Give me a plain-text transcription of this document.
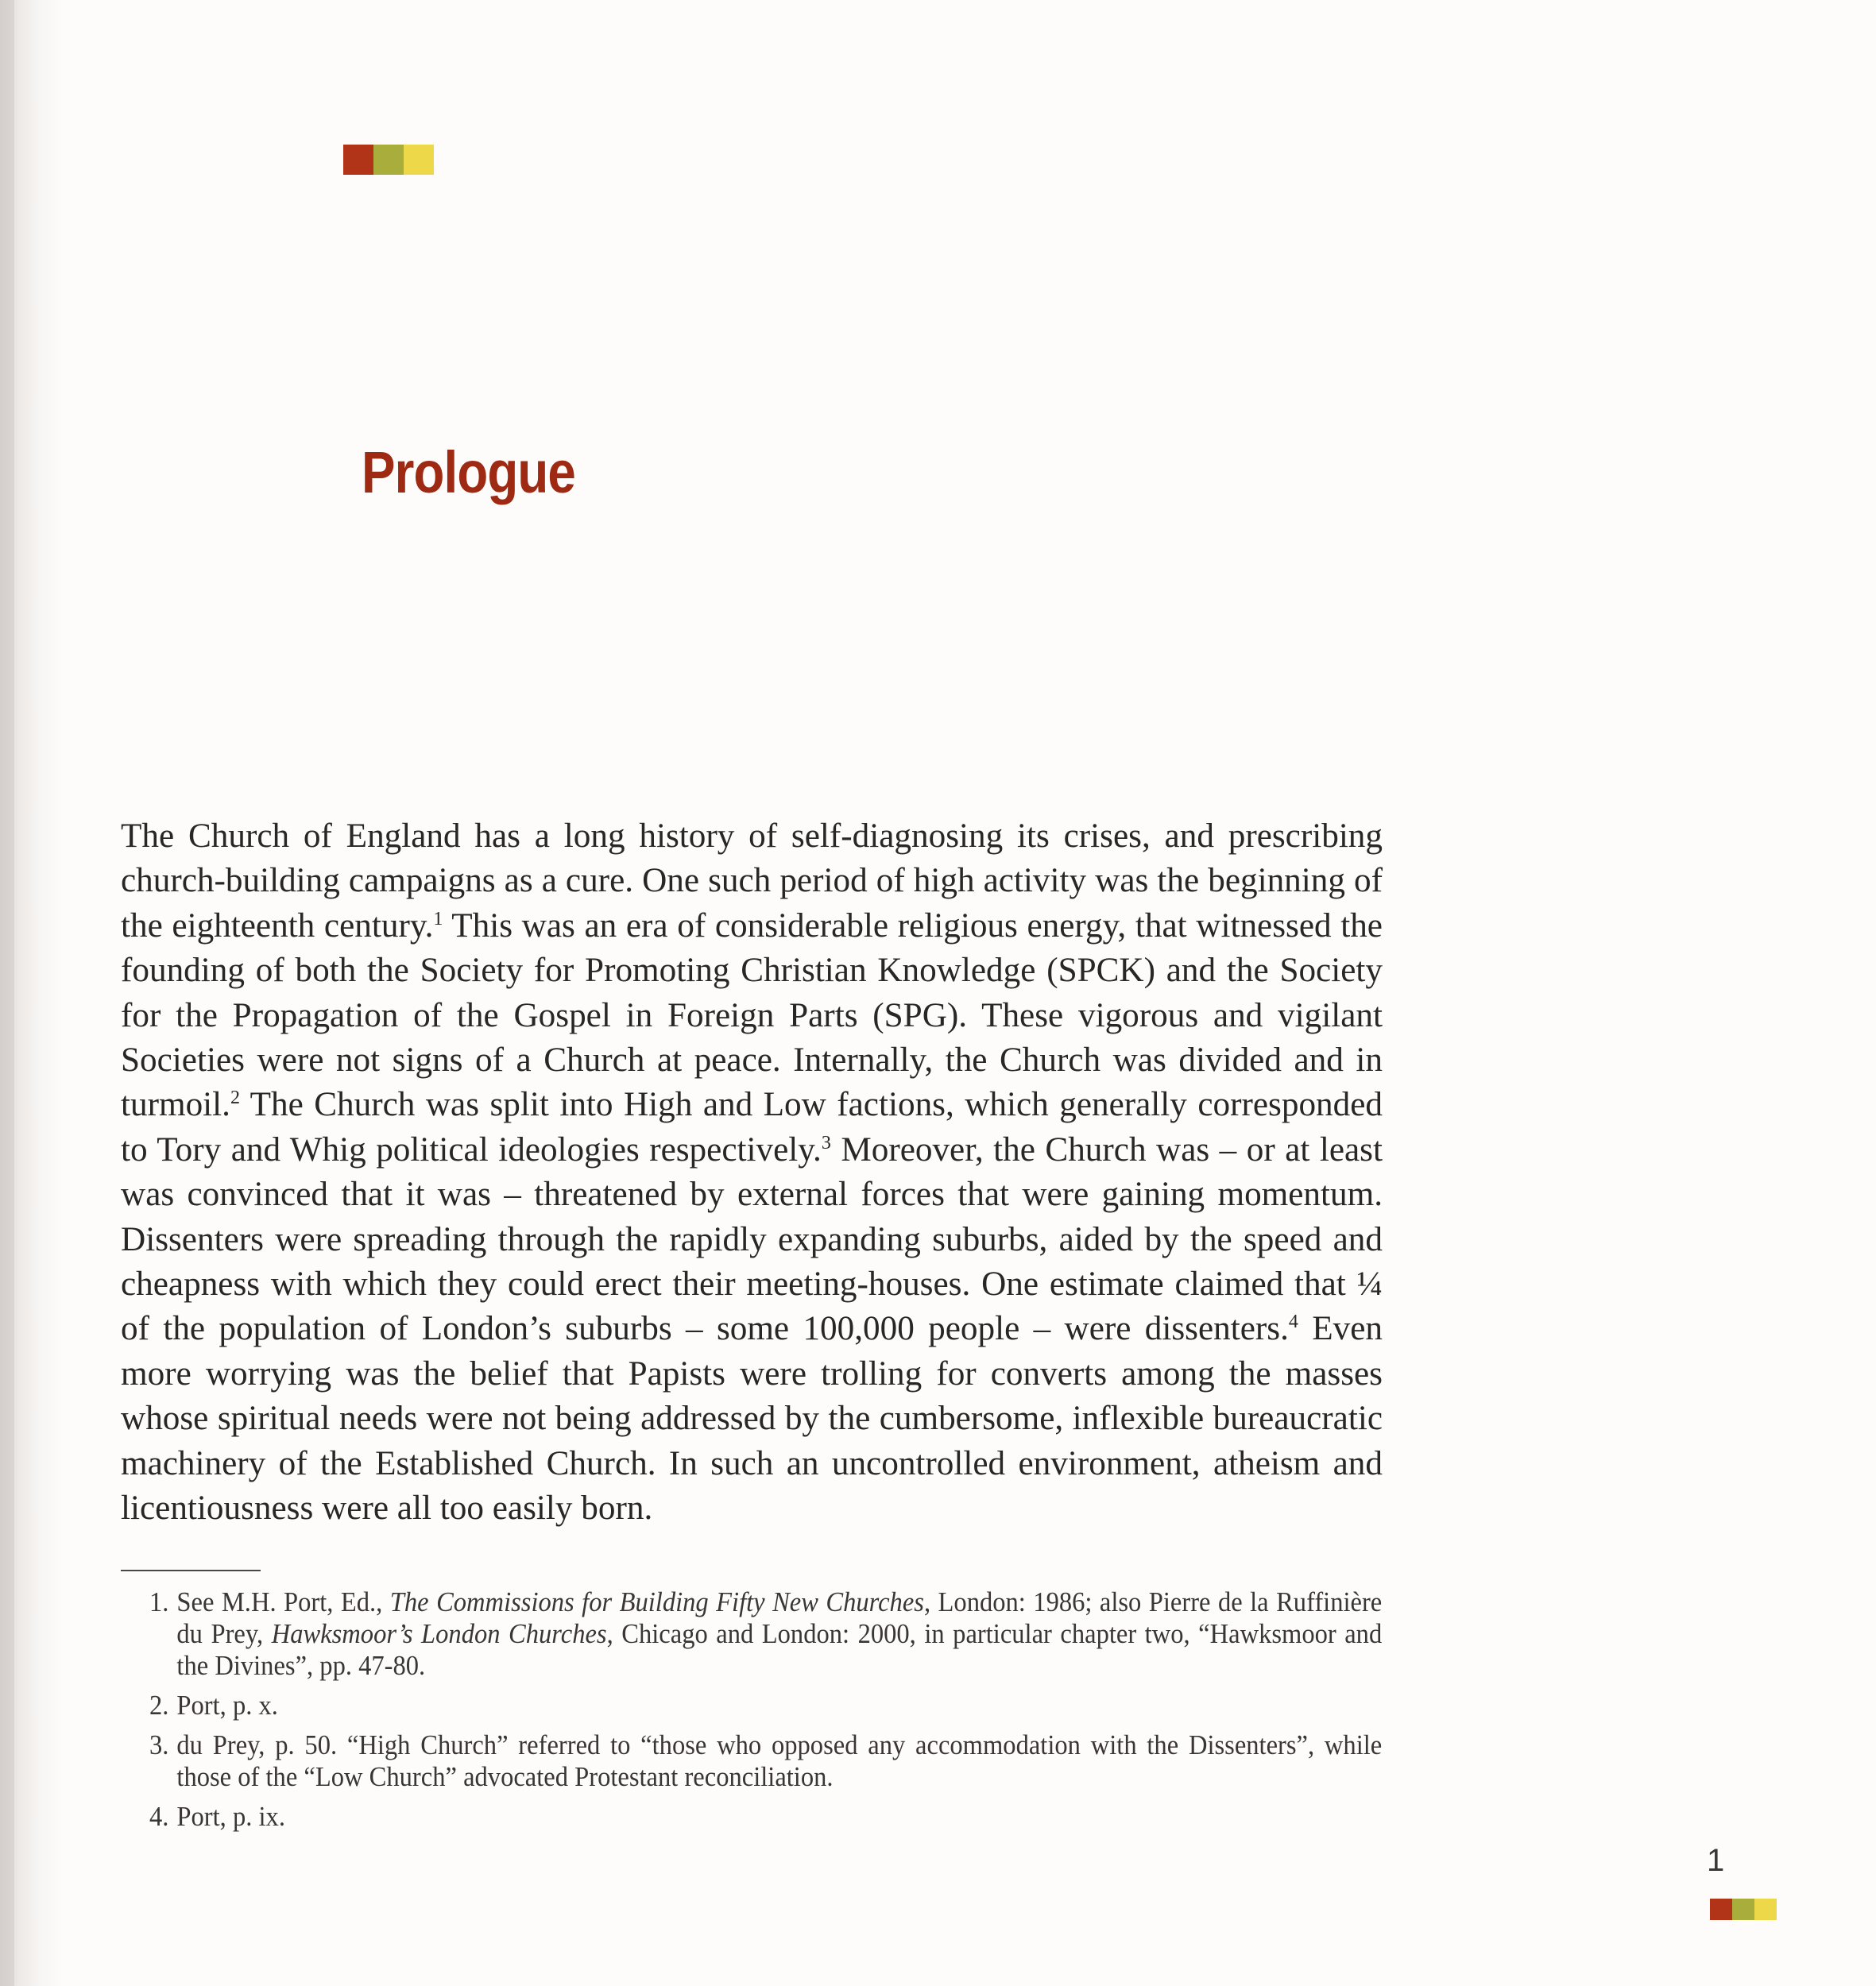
Prologue

The Church of England has a long history of self-diagnosing its crises, and prescribing church-building campaigns as a cure. One such period of high activity was the beginning of the eighteenth century.$^1$ This was an era of considerable religious energy, that witnessed the founding of both the Society for Promoting Christian Knowledge (SPCK) and the Society for the Propagation of the Gospel in Foreign Parts (SPG). These vigorous and vigilant Societies were not signs of a Church at peace. Internally, the Church was divided and in turmoil.$^2$ The Church was split into High and Low factions, which generally corresponded to Tory and Whig political ideologies respectively.$^3$ Moreover, the Church was – or at least was convinced that it was – threatened by external forces that were gaining momentum. Dissenters were spreading through the rapidly expanding suburbs, aided by the speed and cheapness with which they could erect their meeting-houses. One estimate claimed that ¼ of the population of London’s suburbs – some 100,000 people – were dissenters.$^4$ Even more worrying was the belief that Papists were trolling for converts among the masses whose spiritual needs were not being addressed by the cumbersome, inflexible bureaucratic machinery of the Established Church. In such an uncontrolled environment, atheism and licentiousness were all too easily born.

1. See M.H. Port, Ed., The Commissions for Building Fifty New Churches, London: 1986; also Pierre de la Ruffinière du Prey, Hawksmoor’s London Churches, Chicago and London: 2000, in particular chapter two, “Hawksmoor and the Divines”, pp. 47-80.
2. Port, p. x.
3. du Prey, p. 50. “High Church” referred to “those who opposed any accommodation with the Dissenters”, while those of the “Low Church” advocated Protestant reconciliation.
4. Port, p. ix.
1
